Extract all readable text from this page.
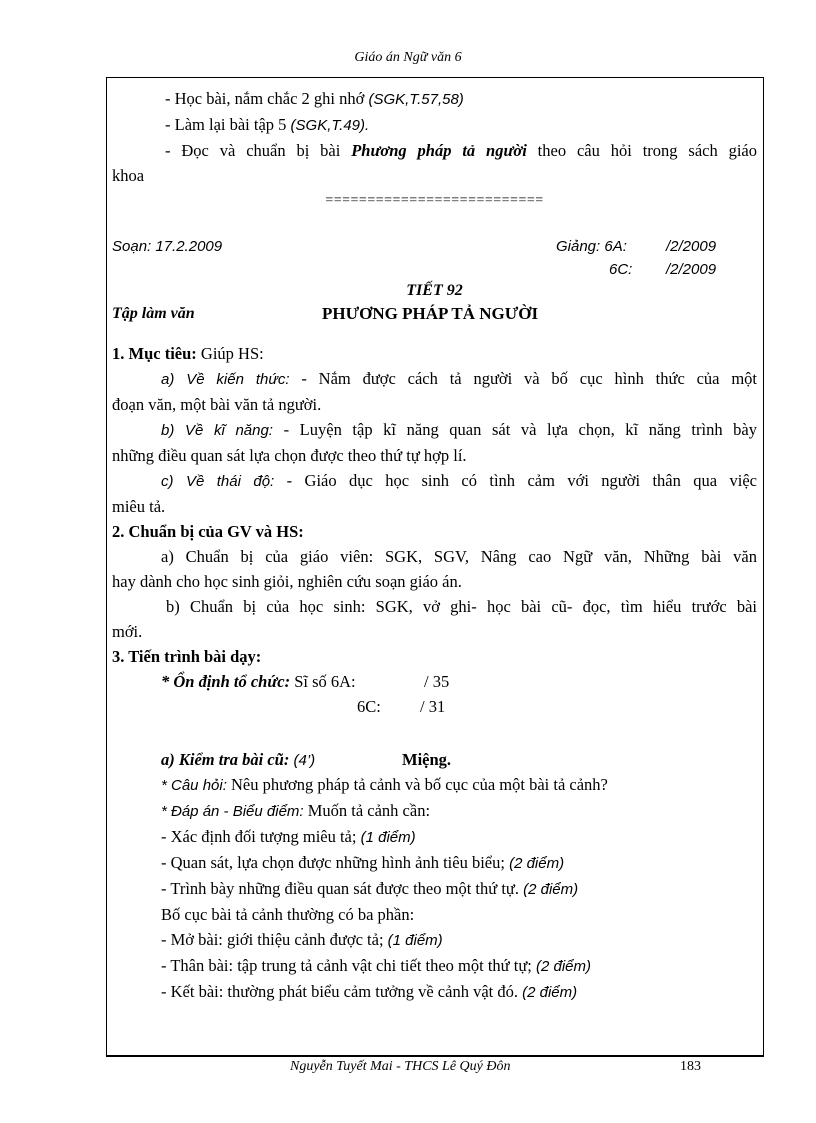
Giáo án Ngữ văn 6
- Học bài, nắm chắc 2 ghi nhớ (SGK,T.57,58)
- Làm lại bài tập 5 (SGK,T.49).
- Đọc và chuẩn bị bài Phương pháp tả người theo câu hỏi trong sách giáo
khoa
==========================
Soạn: 17.2.2009	Giảng: 6A:	/2/2009
6C: /2/2009
TIẾT 92
Tập làm văn	PHƯƠNG PHÁP TẢ NGƯỜI
1. Mục tiêu: Giúp HS:
a) Về kiến thức: - Nắm được cách tả người và bố cục hình thức của một
đoạn văn, một bài văn tả người.
b) Về kĩ năng: - Luyện tập kĩ năng quan sát và lựa chọn, kĩ năng trình bày
những điều quan sát lựa chọn được theo thứ tự hợp lí.
c) Về thái độ: - Giáo dục học sinh có tình cảm với người thân qua việc
miêu tả.
2. Chuẩn bị của GV và HS:
a) Chuẩn bị của giáo viên: SGK, SGV, Nâng cao Ngữ văn, Những bài văn
hay dành cho học sinh giỏi, nghiên cứu soạn giáo án.
b) Chuẩn bị của học sinh: SGK, vở ghi- học bài cũ- đọc, tìm hiểu trước bài
mới.
3. Tiến trình bài dạy:
* Ổn định tổ chức: Sĩ số 6A:	/ 35
6C: / 31
a) Kiểm tra bài cũ: (4’)	Miệng.
* Câu hỏi: Nêu phương pháp tả cảnh và bố cục của một bài tả cảnh?
* Đáp án - Biểu điểm: Muốn tả cảnh cần:
- Xác định đối tượng miêu tả; (1 điểm)
- Quan sát, lựa chọn được những hình ảnh tiêu biểu; (2 điểm)
- Trình bày những điều quan sát được theo một thứ tự. (2 điểm)
Bố cục bài tả cảnh thường có ba phần:
- Mở bài: giới thiệu cảnh được tả; (1 điểm)
- Thân bài: tập trung tả cảnh vật chi tiết theo một thứ tự; (2 điểm)
- Kết bài: thường phát biểu cảm tưởng về cảnh vật đó. (2 điểm)
Nguyễn Tuyết Mai - THCS Lê Quý Đôn	183
